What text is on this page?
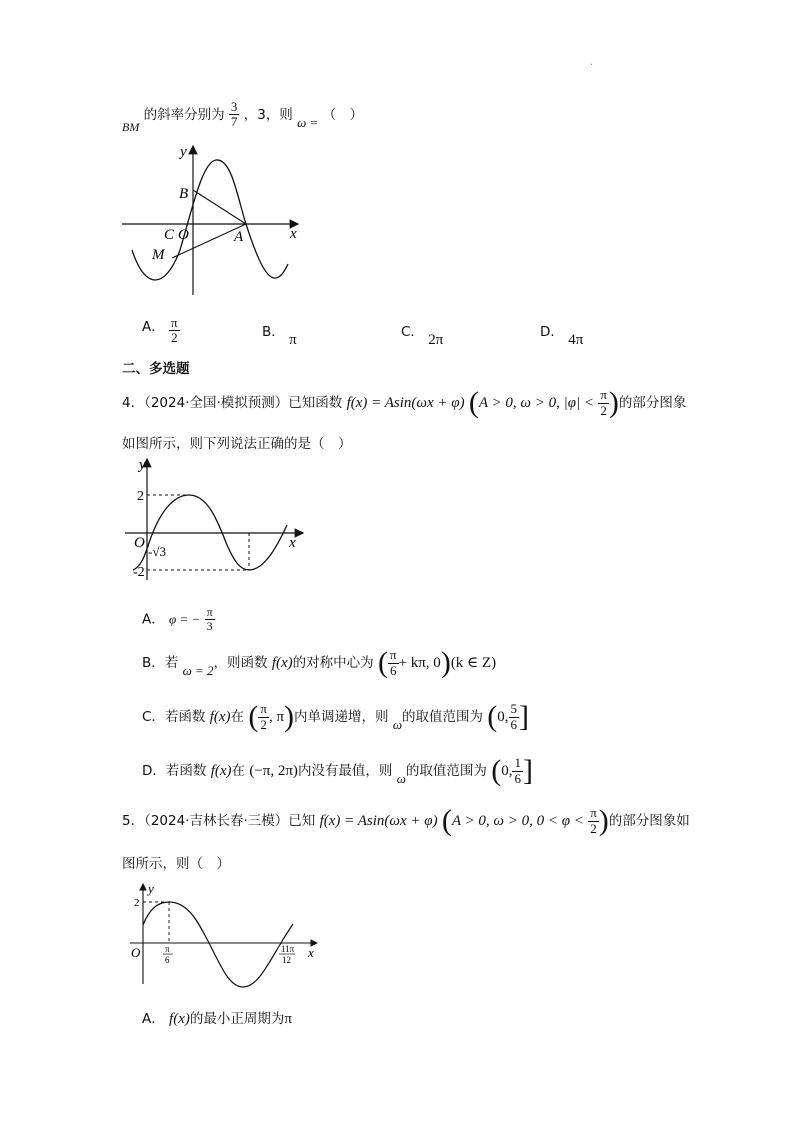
·
BM 的斜率分别为 $\frac{3}{7}$ ，3，则 ω = （　）
y
x
B
C O	A
M
A． $\frac{\pi}{2}$	B． π	C． 2π	D． 4π
二、多选题
4．（2024·全国·模拟预测）已知函数 f(x) = Asin(ωx + φ) (A > 0, ω > 0, $|\varphi| < \frac{\pi}{2}$ )的部分图象
如图所示，则下列说法正确的是（　）
y
x
2
-2
O
-√3
A． φ = − $\frac{\pi}{3}$
B．若 ω = 2，则函数 f(x)的对称中心为 ( $\frac{\pi}{6} + k\pi$, 0)(k ∈ Z)
C．若函数 f(x)在 ( $\frac{\pi}{2}$ , π)内单调递增，则 ω的取值范围为 (0, $\frac{5}{6}$ ]
D．若函数 f(x)在 (−π, 2π)内没有最值，则 ω的取值范围为 (0, $\frac{1}{6}$ ]
5．（2024·吉林长春·三模）已知 f(x) = Asin(ωx + φ) (A > 0, ω > 0, $0 < \varphi < \frac{\pi}{2}$ )的部分图象如
图所示，则（　）
y
x
2
O	π
6
11π
12
A． f(x)的最小正周期为π
